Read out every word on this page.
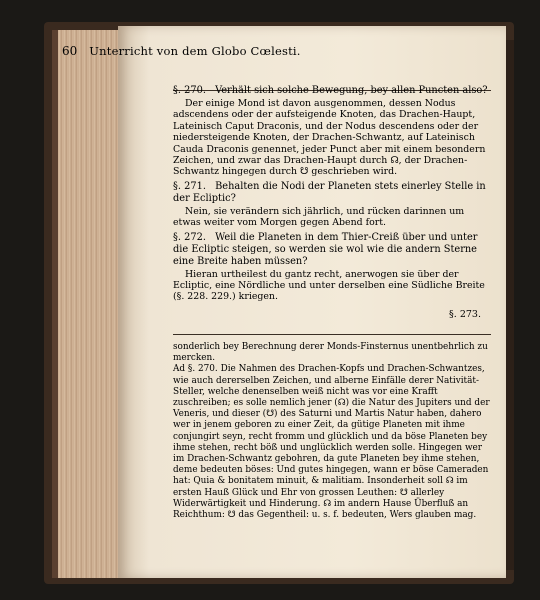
60 Unterricht von dem Globo Cœlesti.
§. 270. Verhält sich solche Bewegung, bey allen Puncten also?
Der einige Mond ist davon ausgenommen, dessen Nodus adscendens oder der aufsteigende Knoten, das Drachen-Haupt, Lateinisch Caput Draconis, und der Nodus descendens oder der niedersteigende Knoten, der Drachen-Schwantz, auf Lateinisch Cauda Draconis genennet, jeder Punct aber mit einem besondern Zeichen, und zwar das Drachen-Haupt durch ☊, der Drachen-Schwantz hingegen durch ☋ geschrieben wird.
§. 271. Behalten die Nodi der Planeten stets einerley Stelle in der Ecliptic?
Nein, sie verändern sich jährlich, und rücken darinnen um etwas weiter vom Morgen gegen Abend fort.
§. 272. Weil die Planeten in dem Thier-Creiß über und unter die Ecliptic steigen, so werden sie wol wie die andern Sterne eine Breite haben müssen?
Hieran urtheilest du gantz recht, anerwogen sie über der Ecliptic, eine Nördliche und unter derselben eine Südliche Breite (§. 228. 229.) kriegen.
§. 273.

sonderlich bey Berechnung derer Monds-Finsternus unentbehrlich zu mercken.

Ad §. 270. Die Nahmen des Drachen-Kopfs und Drachen-Schwantzes, wie auch dererselben Zeichen, und alberne Einfälle derer Nativität-Steller, welche denenselben weiß nicht was vor eine Krafft zuschreiben; es solle nemlich jener (☊) die Natur des Jupiters und der Veneris, und dieser (☋) des Saturni und Martis Natur haben, dahero wer in jenem geboren zu einer Zeit, da gütige Planeten mit ihme conjungirt seyn, recht fromm und glücklich und da böse Planeten bey ihme stehen, recht böß und unglücklich werden solle. Hingegen wer im Drachen-Schwantz gebohren, da gute Planeten bey ihme stehen, deme bedeuten böses: Und gutes hingegen, wann er böse Cameraden hat: Quia & bonitatem minuit, & malitiam. Insonderheit soll ☊ im ersten Hauß Glück und Ehr von grossen Leuthen: ☋ allerley Widerwärtigkeit und Hinderung. ☊ im andern Hause Überfluß an Reichthum: ☋ das Gegentheil: u. s. f. bedeuten, Wers glauben mag.
